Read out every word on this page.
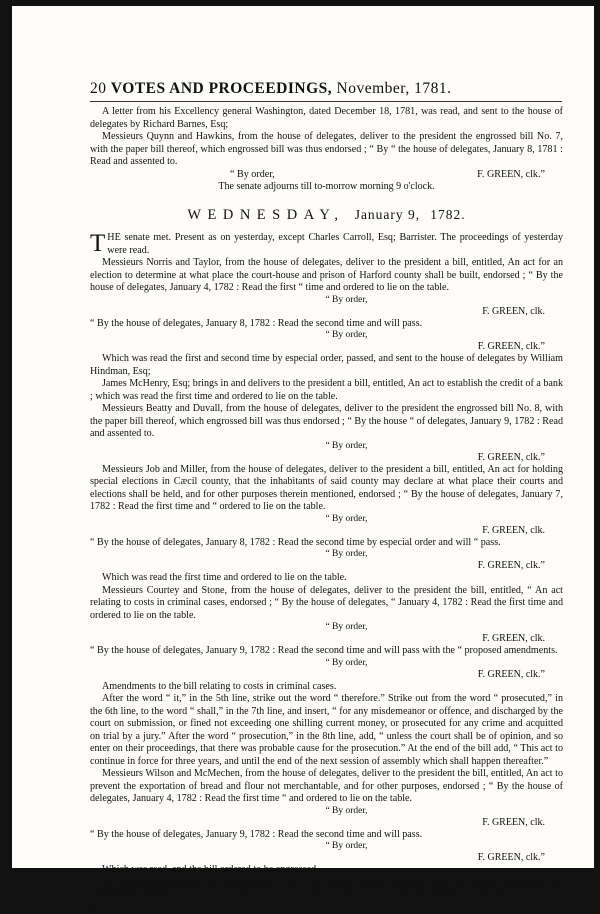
20 VOTES AND PROCEEDINGS, November, 1781.

A letter from his Excellency general Washington, dated December 18, 1781, was read, and sent to the house of delegates by Richard Barnes, Esq;

Messieurs Quynn and Hawkins, from the house of delegates, deliver to the president the engrossed bill No. 7, with the paper bill thereof, which engrossed bill was thus endorsed ; “ By “ the house of delegates, January 8, 1781 : Read and assented to.

“ By order,	F. GREEN, clk.”

The senate adjourns till to-morrow morning 9 o'clock.

WEDNESDAY, January 9, 1782.

T HE senate met. Present as on yesterday, except Charles Carroll, Esq; Barrister. The proceedings of yesterday were read.

Messieurs Norris and Taylor, from the house of delegates, deliver to the president a bill, entitled, An act for an election to determine at what place the court-house and prison of Harford county shall be built, endorsed ; “ By the house of delegates, January 4, 1782 : Read the first “ time and ordered to lie on the table.

“ By order,

F. GREEN, clk.

“ By the house of delegates, January 8, 1782 : Read the second time and will pass.

“ By order,

F. GREEN, clk.”

Which was read the first and second time by especial order, passed, and sent to the house of delegates by William Hindman, Esq;

James McHenry, Esq; brings in and delivers to the president a bill, entitled, An act to establish the credit of a bank ; which was read the first time and ordered to lie on the table.

Messieurs Beatty and Duvall, from the house of delegates, deliver to the president the engrossed bill No. 8, with the paper bill thereof, which engrossed bill was thus endorsed ; “ By the house “ of delegates, January 9, 1782 : Read and assented to.

“ By order,

F. GREEN, clk.”

Messieurs Job and Miller, from the house of delegates, deliver to the president a bill, entitled, An act for holding special elections in Cæcil county, that the inhabitants of said county may declare at what place their courts and elections shall be held, and for other purposes therein mentioned, endorsed ; “ By the house of delegates, January 7, 1782 : Read the first time and “ ordered to lie on the table.

“ By order,

F. GREEN, clk.

“ By the house of delegates, January 8, 1782 : Read the second time by especial order and will “ pass.

“ By order,

F. GREEN, clk.”

Which was read the first time and ordered to lie on the table.

Messieurs Courtey and Stone, from the house of delegates, deliver to the president the bill, entitled, “ An act relating to costs in criminal cases, endorsed ; “ By the house of delegates, “ January 4, 1782 : Read the first time and ordered to lie on the table.

“ By order,

F. GREEN, clk.

“ By the house of delegates, January 9, 1782 : Read the second time and will pass with the “ proposed amendments.

“ By order,

F. GREEN, clk.”

Amendments to the bill relating to costs in criminal cases.

After the word “ it,” in the 5th line, strike out the word “ therefore.” Strike out from the word “ prosecuted,” in the 6th line, to the word “ shall,” in the 7th line, and insert, “ for any misdemeanor or offence, and discharged by the court on submission, or fined not exceeding one shilling current money, or prosecuted for any crime and acquitted on trial by a jury.” After the word “ prosecution,” in the 8th line, add, “ unless the court shall be of opinion, and so enter on their proceedings, that there was probable cause for the prosecution.” At the end of the bill add, “ This act to continue in force for three years, and until the end of the next session of assembly which shall happen thereafter.”

Messieurs Wilson and McMechen, from the house of delegates, deliver to the president the bill, entitled, An act to prevent the exportation of bread and flour not merchantable, and for other purposes, endorsed ; “ By the house of delegates, January 4, 1782 : Read the first time “ and ordered to lie on the table.

“ By order,

F. GREEN, clk.

“ By the house of delegates, January 9, 1782 : Read the second time and will pass.

“ By order,

F. GREEN, clk.”

Which was read, and the bill ordered to be engrossed.

The senate proceeded to the consideration of the bill, entitled, An act relating to costs in criminal cases, with the amendments proposed by the house of delegates, and agreed to the 1st, 2d, and 4th, and rejected the 3d.

It
